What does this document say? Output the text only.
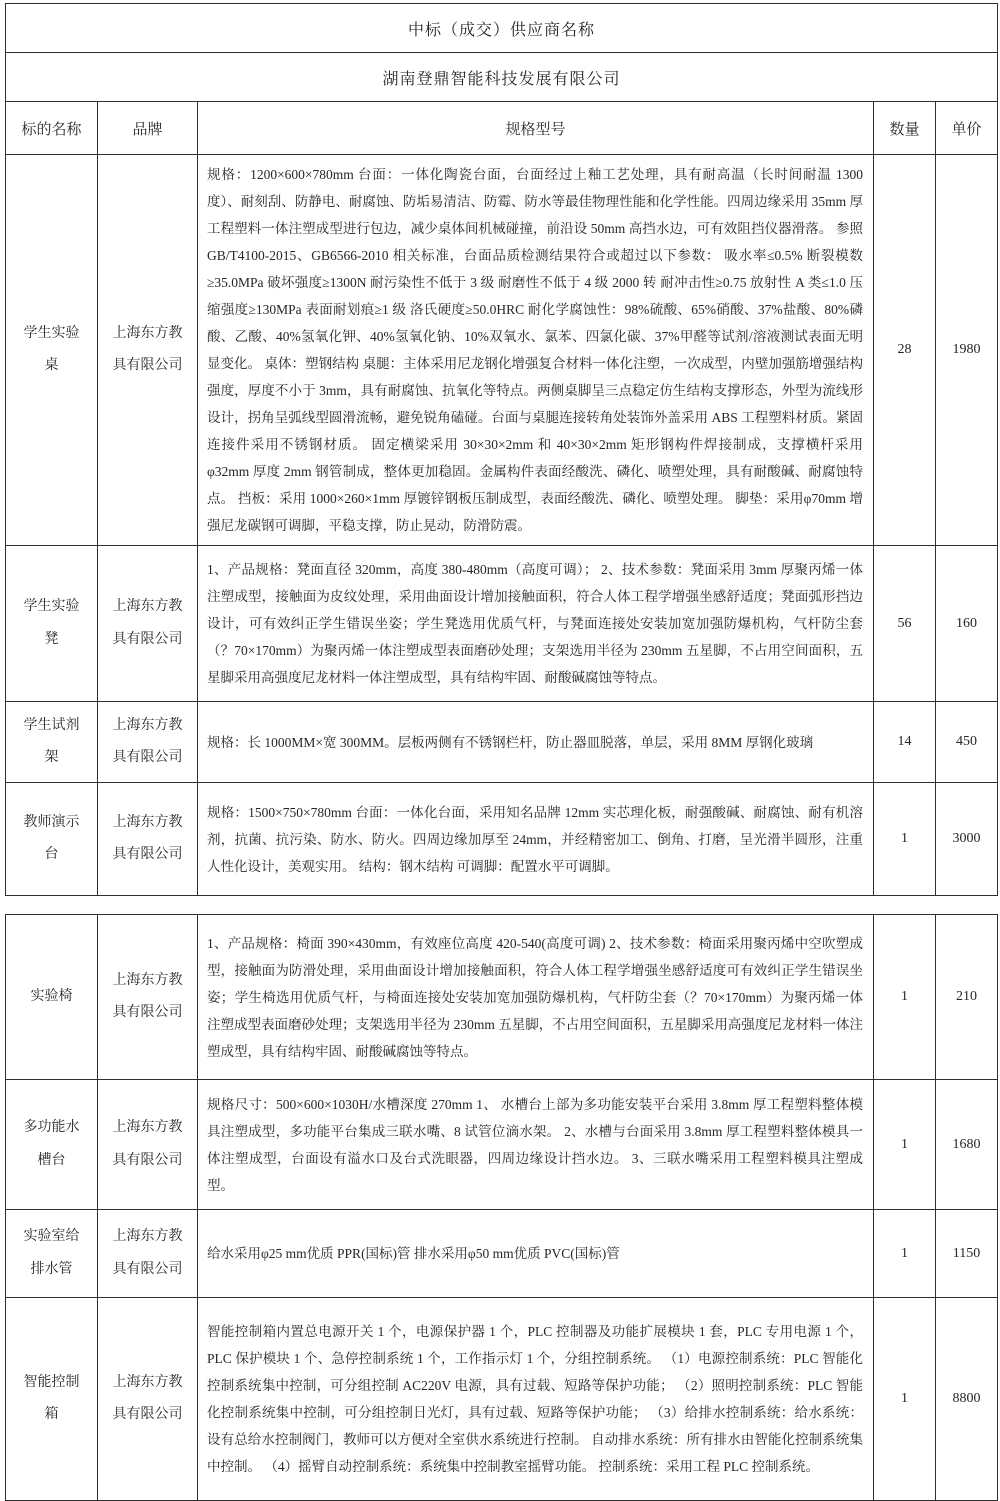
中标（成交）供应商名称				
湖南登鼎智能科技发展有限公司				
标的名称	品牌	规格型号	数量	单价
学生实验桌	上海东方教具有限公司	规格：1200×600×780mm 台面：一体化陶瓷台面，台面经过上釉工艺处理，具有耐高温（长时间耐温 1300 度）、耐刻刮、防静电、耐腐蚀、防垢易清洁、防霉、防水等最佳物理性能和化学性能。四周边缘采用 35mm 厚工程塑料一体注塑成型进行包边，减少桌体间机械碰撞，前沿设 50mm 高挡水边，可有效阻挡仪器滑落。 参照 GB/T4100-2015、GB6566-2010 相关标准，台面品质检测结果符合或超过以下参数： 吸水率≤0.5% 断裂模数≥35.0MPa 破坏强度≥1300N 耐污染性不低于 3 级 耐磨性不低于 4 级 2000 转 耐冲击性≥0.75 放射性 A 类≤1.0 压缩强度≥130MPa 表面耐划痕≥1 级 洛氏硬度≥50.0HRC 耐化学腐蚀性：98%硫酸、65%硝酸、37%盐酸、80%磷酸、乙酸、40%氢氧化钾、40%氢氧化钠、10%双氧水、氯苯、四氯化碳、37%甲醛等试剂/溶液测试表面无明显变化。 桌体：塑钢结构 桌腿：主体采用尼龙钢化增强复合材料一体化注塑，一次成型，内壁加强筋增强结构强度，厚度不小于 3mm，具有耐腐蚀、抗氧化等特点。两侧桌脚呈三点稳定仿生结构支撑形态，外型为流线形设计，拐角呈弧线型圆滑流畅，避免锐角磕碰。台面与桌腿连接转角处装饰外盖采用 ABS 工程塑料材质。紧固连接件采用不锈钢材质。 固定横梁采用 30×30×2mm 和 40×30×2mm 矩形钢构件焊接制成，支撑横杆采用φ32mm 厚度 2mm 钢管制成，整体更加稳固。金属构件表面经酸洗、磷化、喷塑处理，具有耐酸碱、耐腐蚀特点。 挡板：采用 1000×260×1mm 厚镀锌钢板压制成型，表面经酸洗、磷化、喷塑处理。 脚垫：采用φ70mm 增强尼龙碳钢可调脚，平稳支撑，防止晃动，防滑防震。	28	1980
学生实验凳	上海东方教具有限公司	1、产品规格：凳面直径 320mm，高度 380-480mm（高度可调）； 2、技术参数：凳面采用 3mm 厚聚丙烯一体注塑成型，接触面为皮纹处理，采用曲面设计增加接触面积，符合人体工程学增强坐感舒适度；凳面弧形挡边设计，可有效纠正学生错误坐姿；学生凳选用优质气杆，与凳面连接处安装加宽加强防爆机构，气杆防尘套（？70×170mm）为聚丙烯一体注塑成型表面磨砂处理；支架选用半径为 230mm 五星脚，不占用空间面积，五星脚采用高强度尼龙材料一体注塑成型，具有结构牢固、耐酸碱腐蚀等特点。	56	160
学生试剂架	上海东方教具有限公司	规格：长 1000MM×宽 300MM。层板两侧有不锈钢栏杆，防止器皿脱落，单层，采用 8MM 厚钢化玻璃	14	450
教师演示台	上海东方教具有限公司	规格：1500×750×780mm 台面：一体化台面，采用知名品牌 12mm 实芯理化板，耐强酸碱、耐腐蚀、耐有机溶剂，抗菌、抗污染、防水、防火。四周边缘加厚至 24mm，并经精密加工、倒角、打磨，呈光滑半圆形，注重人性化设计，美观实用。 结构：钢木结构 可调脚：配置水平可调脚。	1	3000
实验椅	上海东方教具有限公司	1、产品规格：椅面 390×430mm，有效座位高度 420-540(高度可调) 2、技术参数：椅面采用聚丙烯中空吹塑成型，接触面为防滑处理，采用曲面设计增加接触面积，符合人体工程学增强坐感舒适度可有效纠正学生错误坐姿；学生椅选用优质气杆，与椅面连接处安装加宽加强防爆机构，气杆防尘套（？70×170mm）为聚丙烯一体注塑成型表面磨砂处理；支架选用半径为 230mm 五星脚，不占用空间面积，五星脚采用高强度尼龙材料一体注塑成型，具有结构牢固、耐酸碱腐蚀等特点。	1	210
多功能水槽台	上海东方教具有限公司	规格尺寸：500×600×1030H/水槽深度 270mm 1、 水槽台上部为多功能安装平台采用 3.8mm 厚工程塑料整体模具注塑成型，多功能平台集成三联水嘴、8 试管位滴水架。 2、水槽与台面采用 3.8mm 厚工程塑料整体模具一体注塑成型，台面设有溢水口及台式洗眼器，四周边缘设计挡水边。 3、三联水嘴采用工程塑料模具注塑成型。	1	1680
实验室给排水管	上海东方教具有限公司	给水采用φ25 mm优质 PPR(国标)管 排水采用φ50 mm优质 PVC(国标)管	1	1150
智能控制箱	上海东方教具有限公司	智能控制箱内置总电源开关 1 个，电源保护器 1 个，PLC 控制器及功能扩展模块 1 套，PLC 专用电源 1 个，PLC 保护模块 1 个、急停控制系统 1 个，工作指示灯 1 个，分组控制系统。 （1）电源控制系统：PLC 智能化控制系统集中控制，可分组控制 AC220V 电源，具有过载、短路等保护功能； （2）照明控制系统：PLC 智能化控制系统集中控制，可分组控制日光灯，具有过载、短路等保护功能； （3）给排水控制系统：给水系统：设有总给水控制阀门，教师可以方便对全室供水系统进行控制。 自动排水系统：所有排水由智能化控制系统集中控制。 （4）摇臂自动控制系统：系统集中控制教室摇臂功能。 控制系统：采用工程 PLC 控制系统。	1	8800
